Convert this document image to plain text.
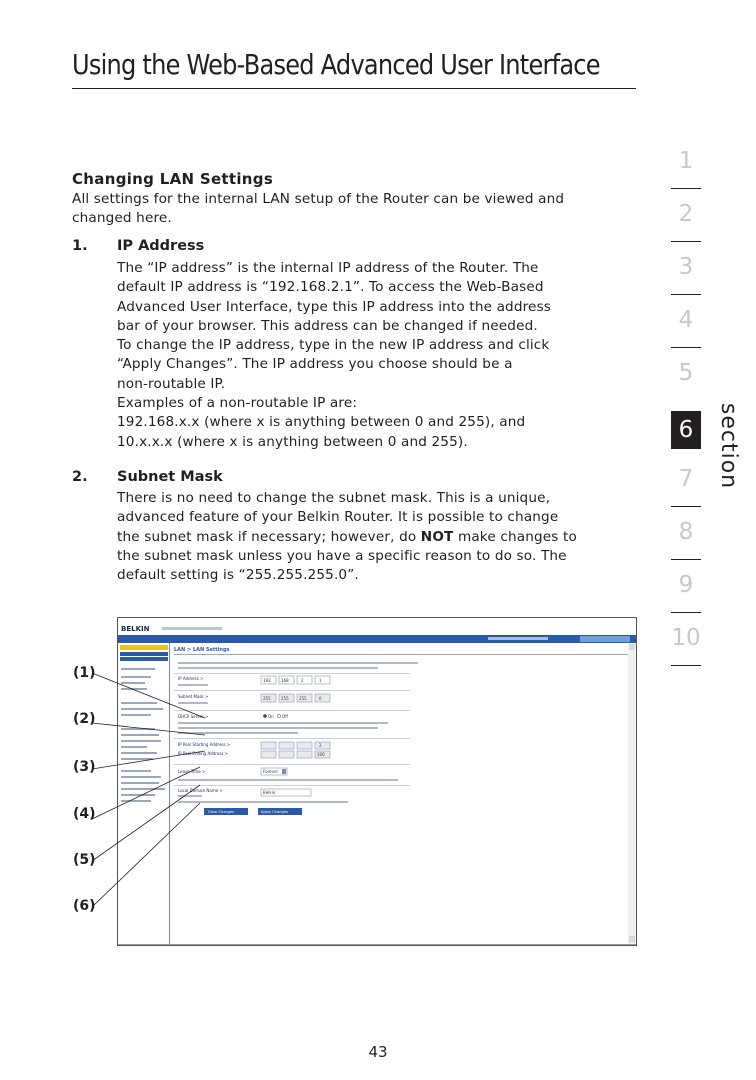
Using the Web-Based Advanced User Interface
Changing LAN Settings
All settings for the internal LAN setup of the Router can be viewed and
changed here.
1. IP Address
The “IP address” is the internal IP address of the Router. The
default IP address is “192.168.2.1”. To access the Web-Based
Advanced User Interface, type this IP address into the address
bar of your browser. This address can be changed if needed.
To change the IP address, type in the new IP address and click
“Apply Changes”. The IP address you choose should be a
non-routable IP.
Examples of a non-routable IP are:
192.168.x.x (where x is anything between 0 and 255), and
10.x.x.x (where x is anything between 0 and 255).
2. Subnet Mask
There is no need to change the subnet mask. This is a unique,
advanced feature of your Belkin Router. It is possible to change
the subnet mask if necessary; however, do NOT make changes to
the subnet mask unless you have a specific reason to do so. The
default setting is “255.255.255.0”.
1
2
3
4
5
6
7
8
9
10
section
BELKIN
LAN > LAN Settings
IP Address >	192	168	2	1
Subnet Mask >	255	255	255	0
DHCP Server >	On Off
IP Pool Starting Address >	2
IP Pool Ending Address >	100
Lease Time >	Forever
Local Domain Name >	Belkin
Clear Changes	Apply Changes
(1)
(2)
(3)
(4)
(5)
(6)
43
